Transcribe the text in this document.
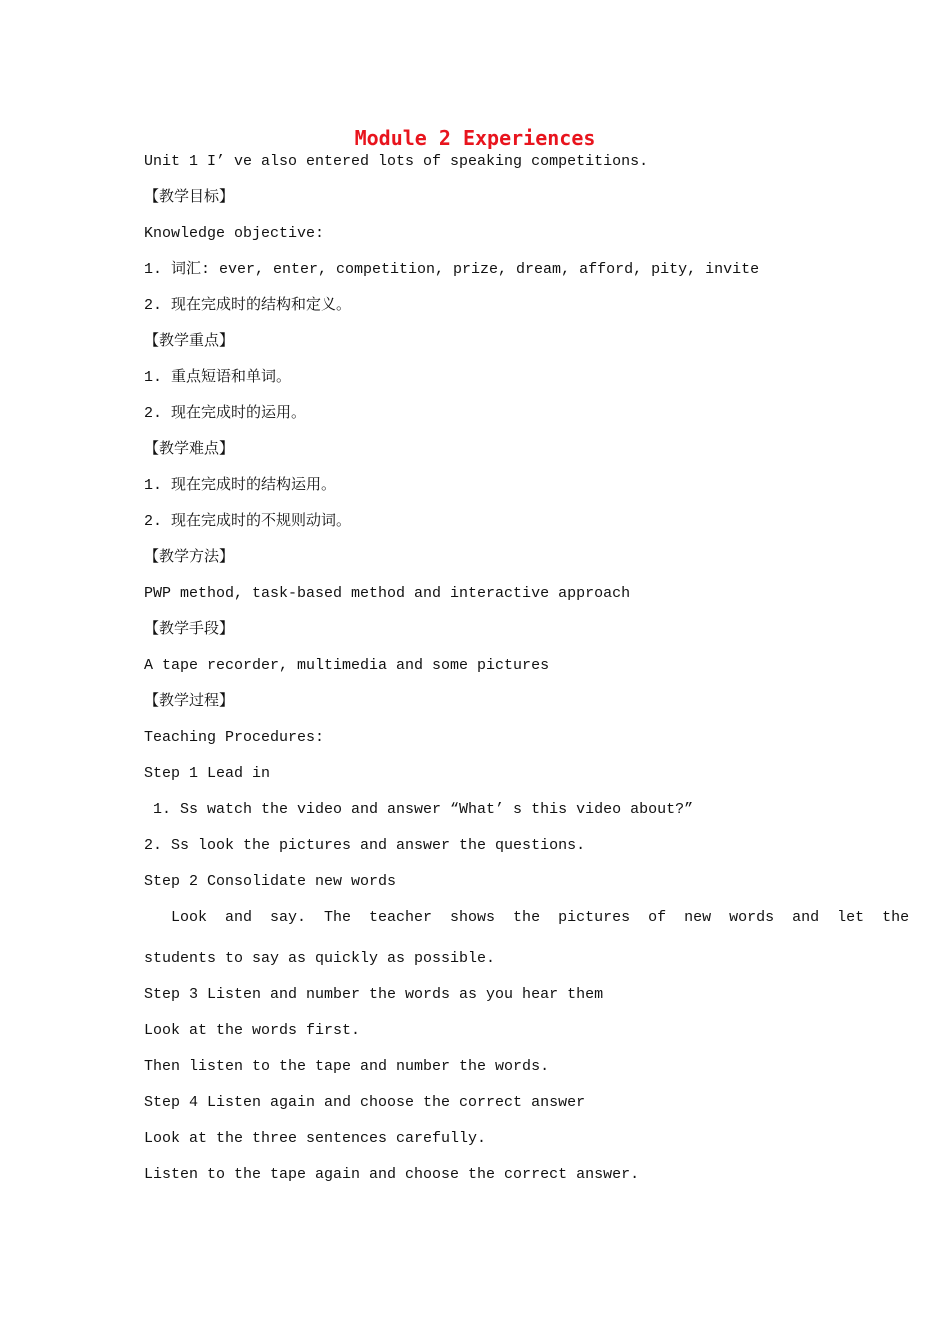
Module 2 Experiences
Unit 1 I’ ve also entered lots of speaking competitions.
【教学目标】
Knowledge objective:
1. 词汇: ever, enter, competition, prize, dream, afford, pity, invite
2. 现在完成时的结构和定义。
【教学重点】
1. 重点短语和单词。
2. 现在完成时的运用。
【教学难点】
1. 现在完成时的结构运用。
2. 现在完成时的不规则动词。
【教学方法】
PWP method, task-based method and interactive approach
【教学手段】
A tape recorder, multimedia and some pictures
【教学过程】
Teaching Procedures:
Step 1 Lead in
1. Ss watch the video and answer “What’ s this video about?”
2. Ss look the pictures and answer the questions.
Step 2 Consolidate new words
Look  and  say.  The  teacher  shows  the  pictures  of  new  words  and  let  the
students to say as quickly as possible.
Step 3 Listen and number the words as you hear them
Look at the words first.
Then listen to the tape and number the words.
Step 4 Listen again and choose the correct answer
Look at the three sentences carefully.
Listen to the tape again and choose the correct answer.
